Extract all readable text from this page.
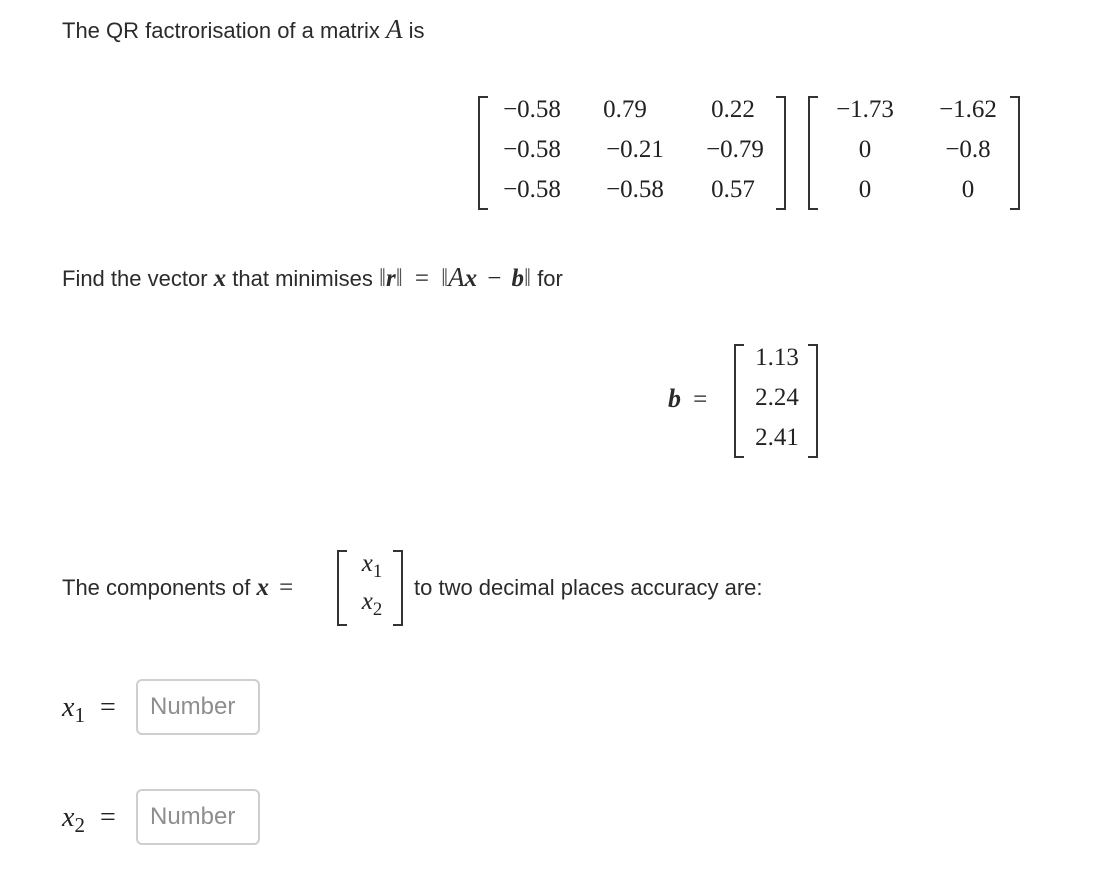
The QR factrorisation of a matrix A is
−0.58	0.79	0.22
−0.58	−0.21	−0.79
−0.58	−0.58	0.57
−1.73	−1.62
0	−0.8
0	0
Find the vector x that minimises ‖r‖ = ‖Ax − b‖ for
b =
1.13
2.24
2.41
The components of x =
$x_1$
$x_2$
to two decimal places accuracy are:
$x_1$ =
Number
$x_2$ =
Number
